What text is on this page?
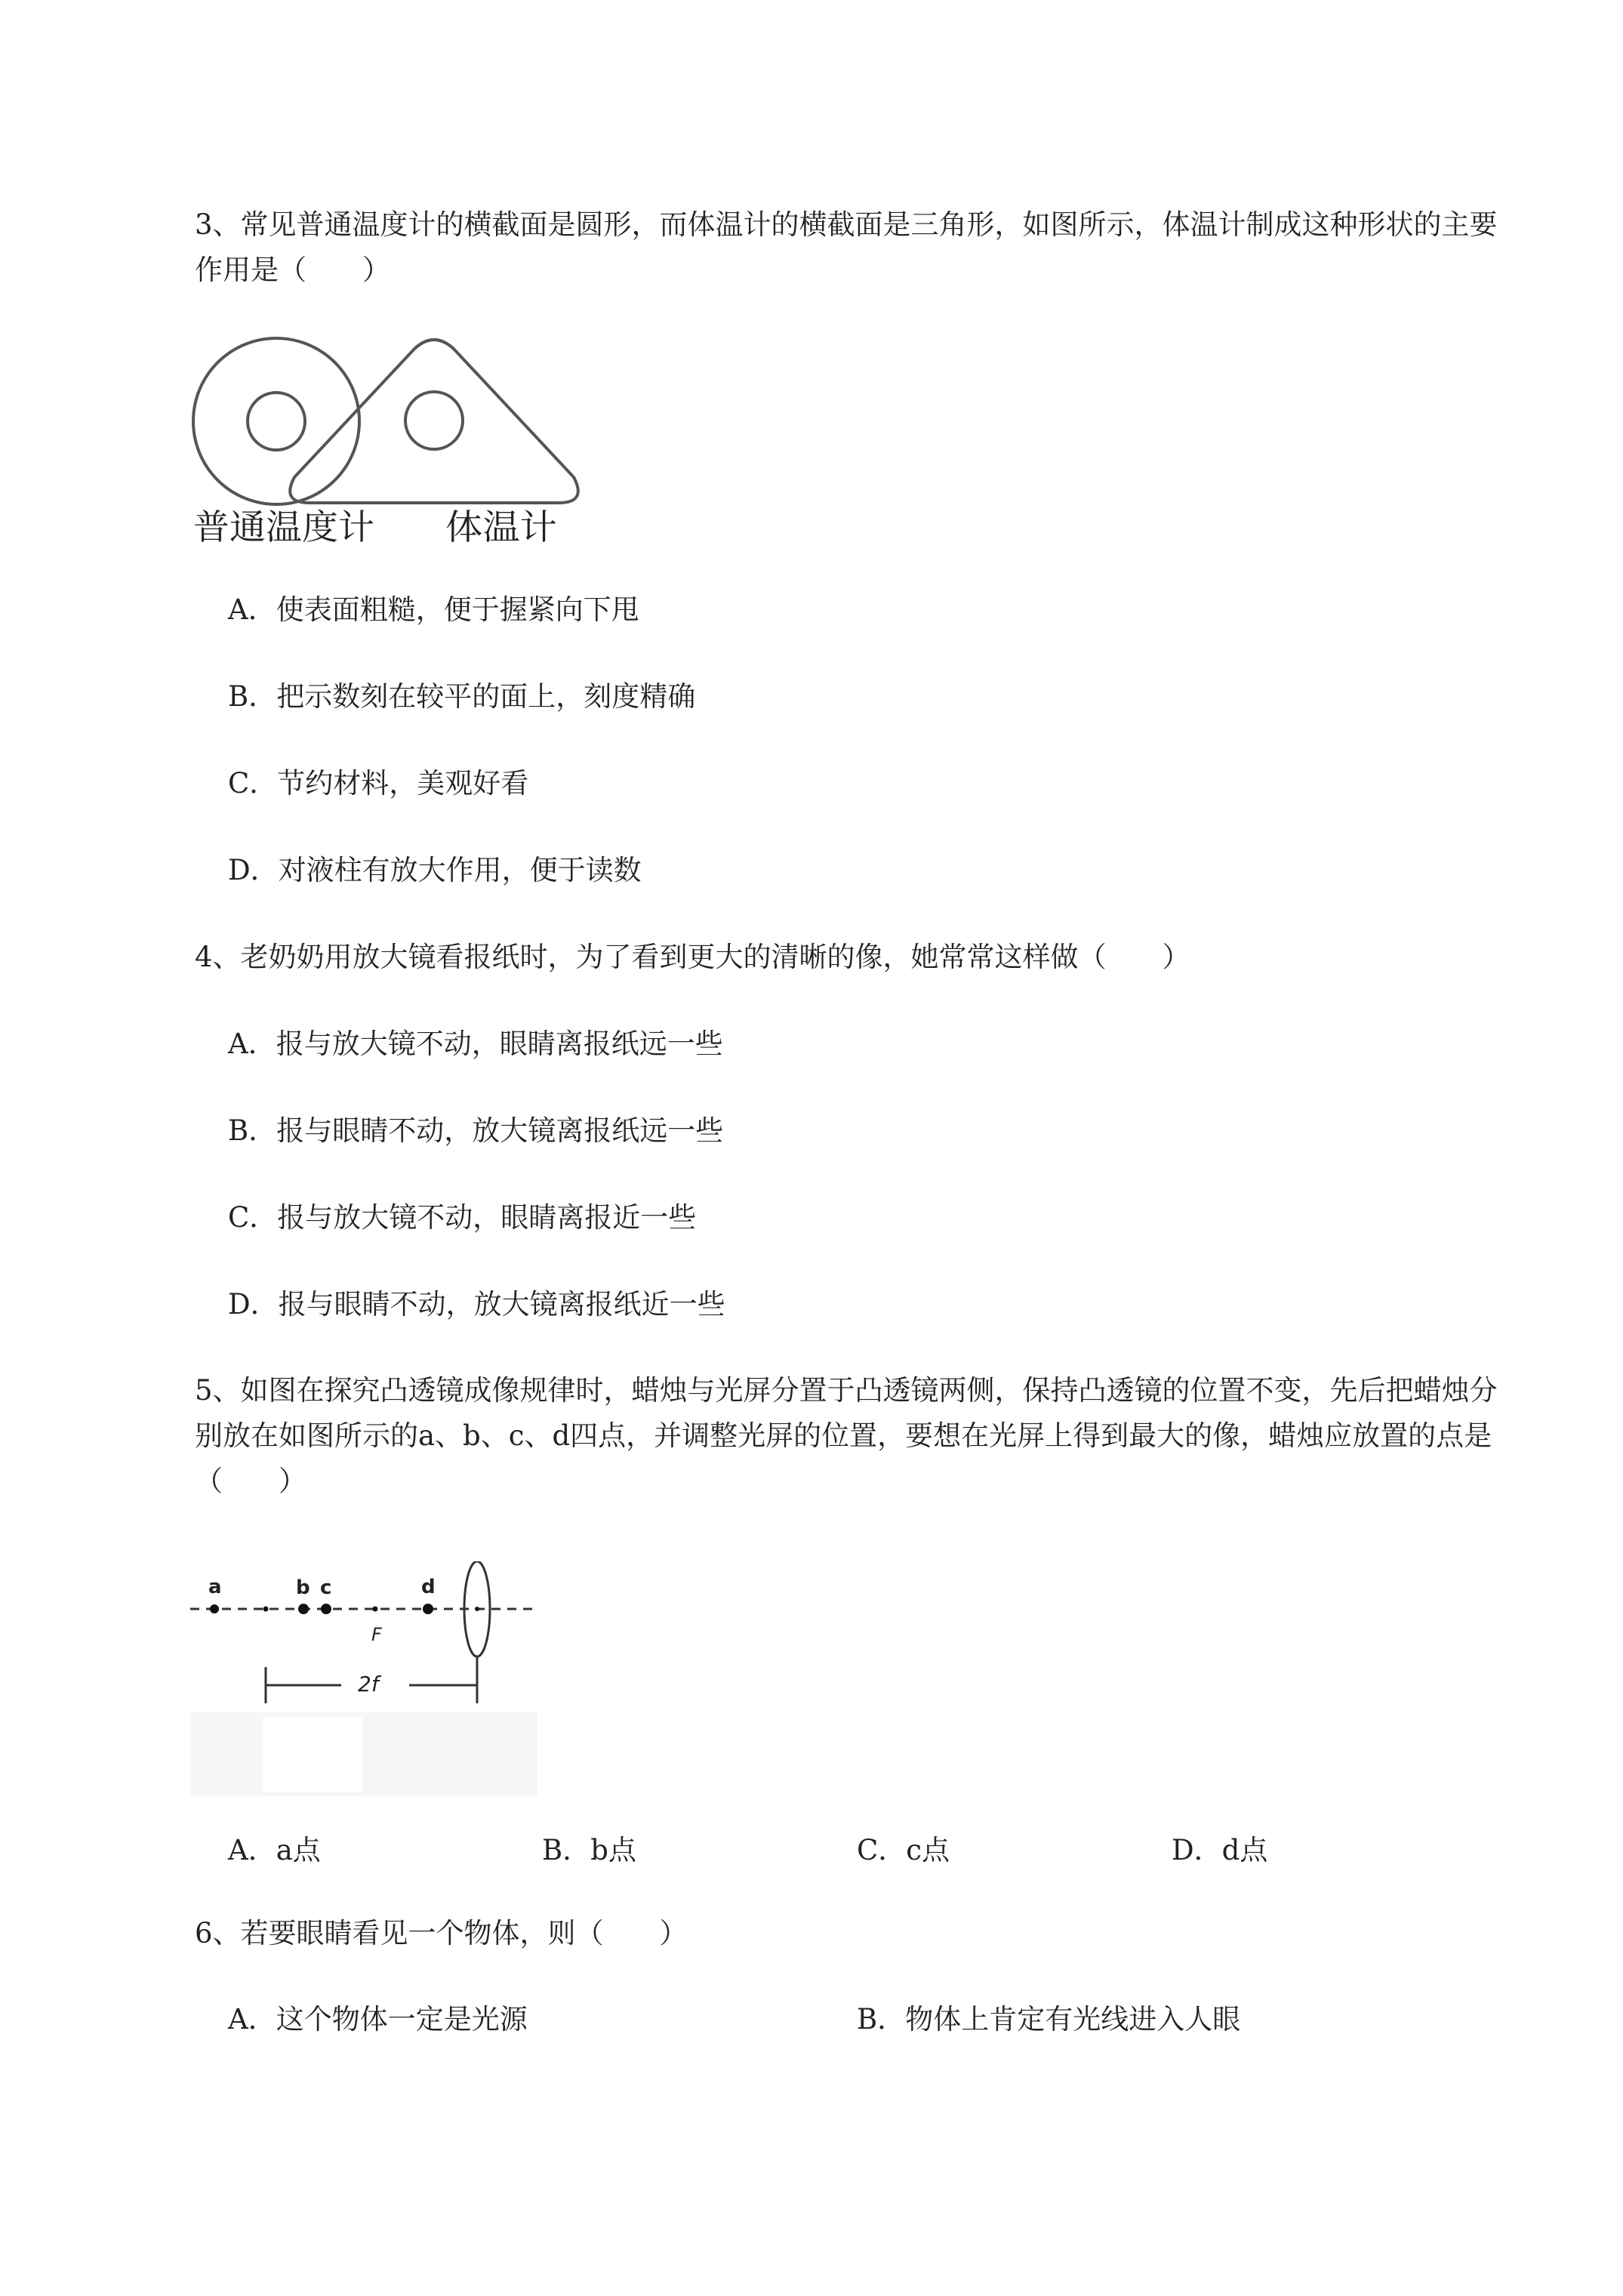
3、常见普通温度计的横截面是圆形，而体温计的横截面是三角形，如图所示，体温计制成这种形状的主要作用是（　　）
普通温度计 体温计
A．使表面粗糙，便于握紧向下甩
B．把示数刻在较平的面上，刻度精确
C．节约材料，美观好看
D．对液柱有放大作用，便于读数
4、老奶奶用放大镜看报纸时，为了看到更大的清晰的像，她常常这样做（　　）
A．报与放大镜不动，眼睛离报纸远一些
B．报与眼睛不动，放大镜离报纸远一些
C．报与放大镜不动，眼睛离报近一些
D．报与眼睛不动，放大镜离报纸近一些
5、如图在探究凸透镜成像规律时，蜡烛与光屏分置于凸透镜两侧，保持凸透镜的位置不变，先后把蜡烛分别放在如图所示的a、b、c、d四点，并调整光屏的位置，要想在光屏上得到最大的像，蜡烛应放置的点是（　　）
a	b c	d
F
2f
A．a点	B．b点	C．c点	D．d点
6、若要眼睛看见一个物体，则（　　）
A．这个物体一定是光源	B．物体上肯定有光线进入人眼
